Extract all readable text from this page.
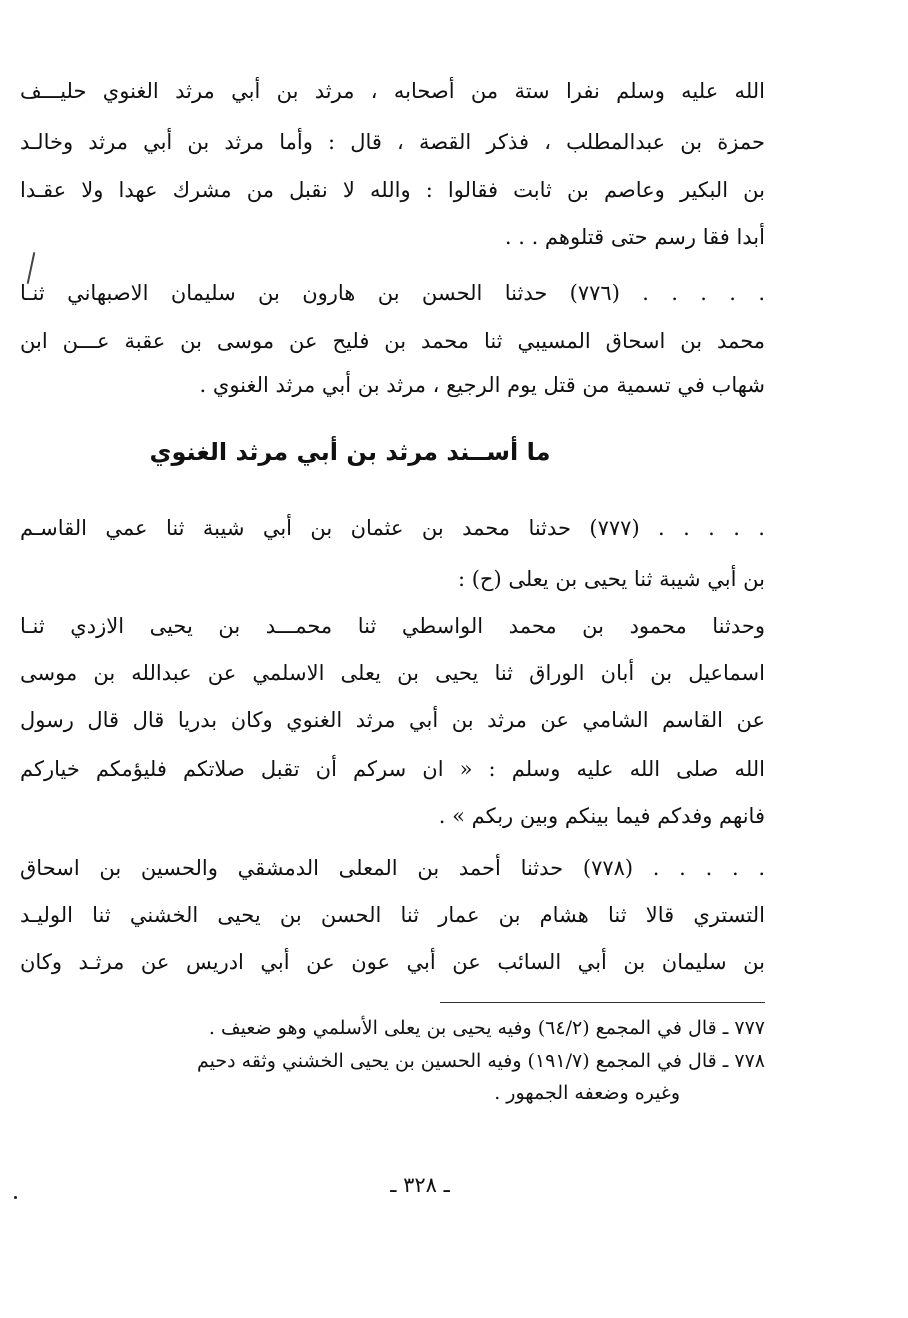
الله عليه وسلم نفرا ستة من أصحابه ، مرثد بن أبي مرثد الغنوي حليـــف
حمزة بن عبدالمطلب ، فذكر القصة ، قال : وأما مرثد بن أبي مرثد وخالـد
بن البكير وعاصم بن ثابت فقالوا : والله لا نقبل من مشرك عهدا ولا عقـدا
أبدا فقا رسم حتى قتلوهم . . .
. . . . . (٧٧٦) حدثنا الحسن بن هارون بن سليمان الاصبهاني ثنـا
محمد بن اسحاق المسيبي ثنا محمد بن فليح عن موسى بن عقبة عـــن ابن
شهاب في تسمية من قتل يوم الرجيع ، مرثد بن أبي مرثد الغنوي .
ما أســند مرثد بن أبي مرثد الغنوي
. . . . . (٧٧٧) حدثنا محمد بن عثمان بن أبي شيبة ثنا عمي القاسـم
بن أبي شيبة ثنا يحيى بن يعلى (ح) :
وحدثنا محمود بن محمد الواسطي ثنا محمـــد بن يحيى الازدي ثنـا
اسماعيل بن أبان الوراق ثنا يحيى بن يعلى الاسلمي عن عبدالله بن موسى
عن القاسم الشامي عن مرثد بن أبي مرثد الغنوي وكان بدريا قال قال رسول
الله صلى الله عليه وسلم : « ان سركم أن تقبل صلاتكم فليؤمكم خياركم
فانهم وفدكم فيما بينكم وبين ربكم » .
. . . . . (٧٧٨) حدثنا أحمد بن المعلى الدمشقي والحسين بن اسحاق
التستري قالا ثنا هشام بن عمار ثنا الحسن بن يحيى الخشني ثنا الوليـد
بن سليمان بن أبي السائب عن أبي عون عن أبي ادريس عن مرثـد وكان
٧٧٧ ـ قال في المجمع (٦٤/٢) وفيه يحيى بن يعلى الأسلمي وهو ضعيف .
٧٧٨ ـ قال في المجمع (١٩١/٧) وفيه الحسين بن يحيى الخشني وثقه دحيم
وغيره وضعفه الجمهور .
ـ ٣٢٨ ـ
